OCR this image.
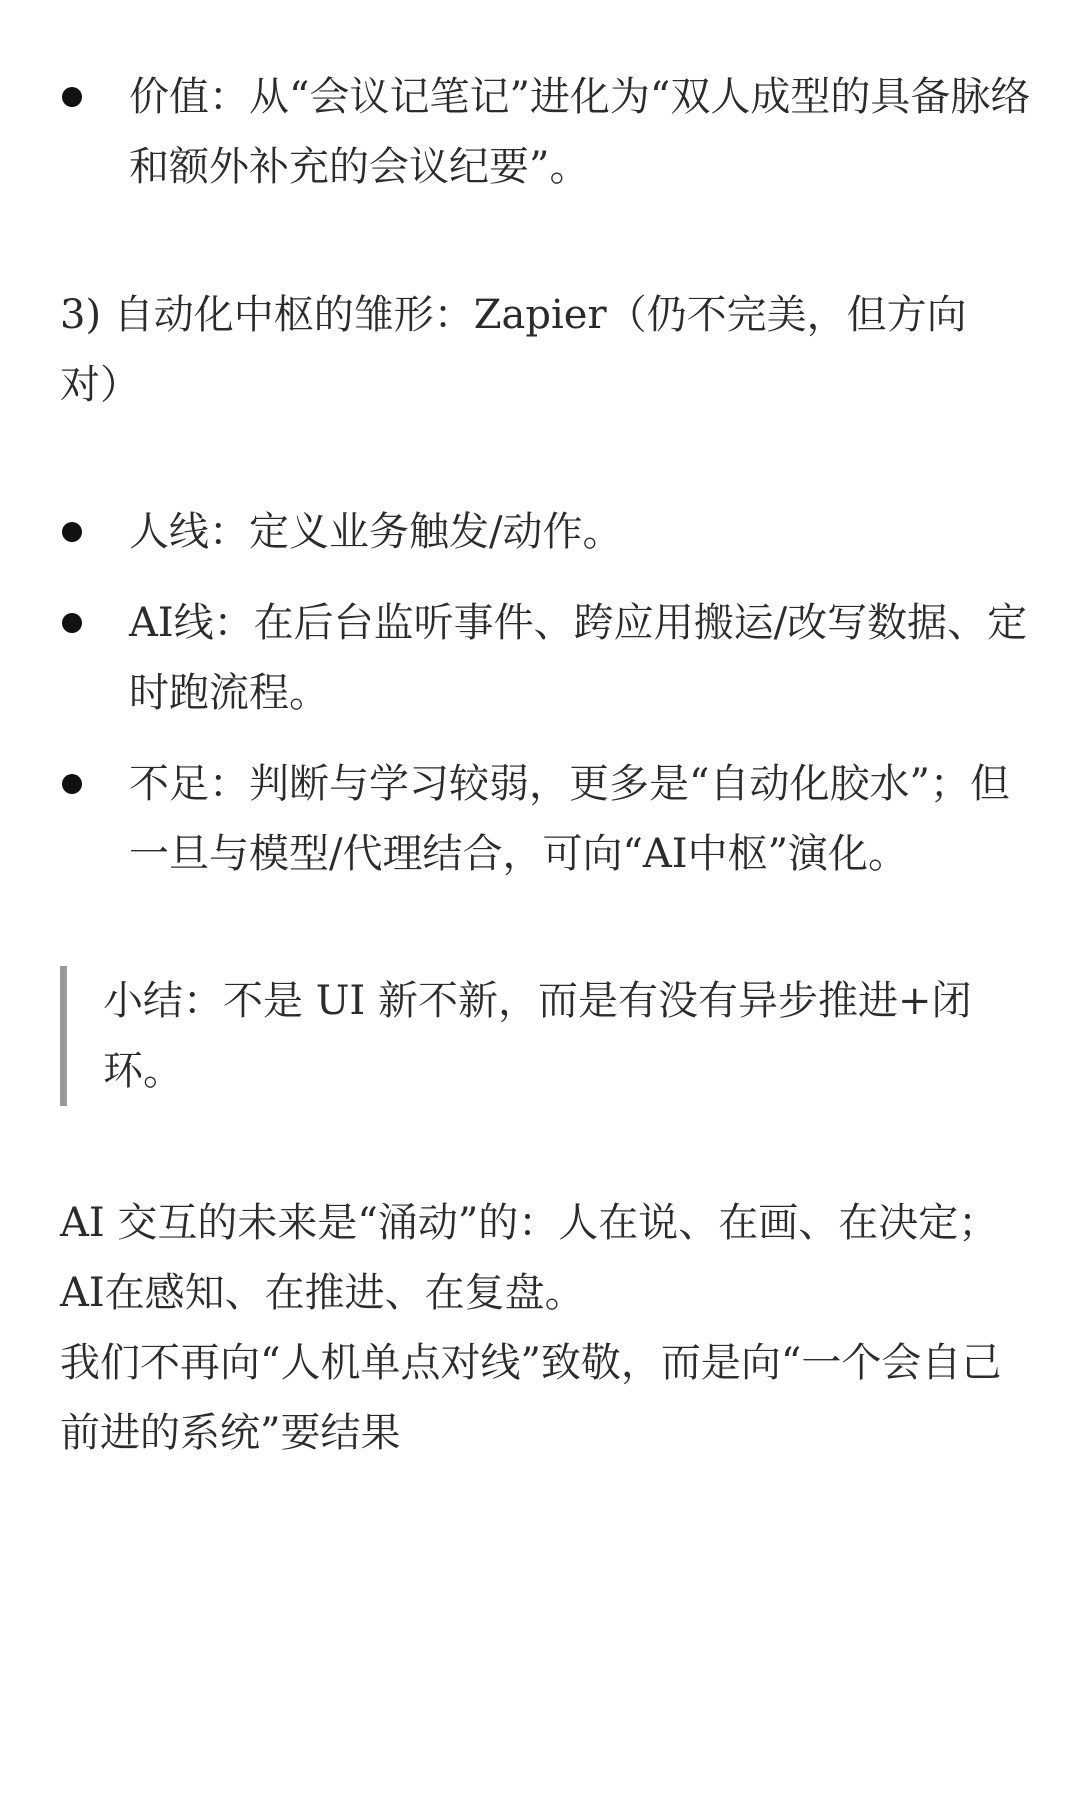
价值：从“会议记笔记”进化为“双人成型的具备脉络和额外补充的会议纪要”。
3) 自动化中枢的雏形：Zapier（仍不完美，但方向对）
人线：定义业务触发/动作。
AI线：在后台监听事件、跨应用搬运/改写数据、定时跑流程。
不足：判断与学习较弱，更多是“自动化胶水”；但一旦与模型/代理结合，可向“AI中枢”演化。
小结：不是 UI 新不新，而是有没有异步推进+闭环。

AI 交互的未来是“涌动”的：人在说、在画、在决定；AI在感知、在推进、在复盘。

我们不再向“人机单点对线”致敬，而是向“一个会自己前进的系统”要结果
